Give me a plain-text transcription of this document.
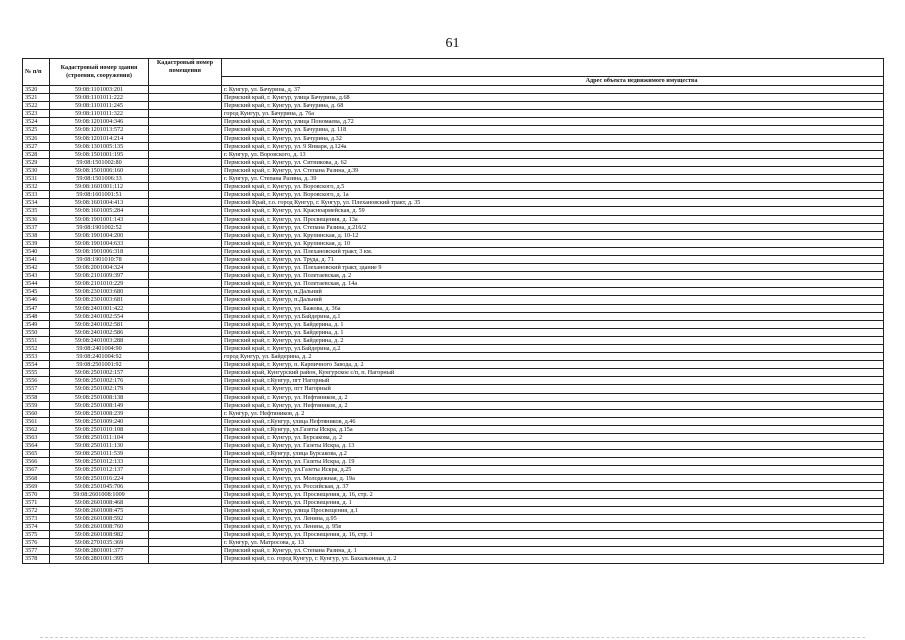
61
№ п/п	Кадастровый номер здания (строения, сооружения)	Кадастровый номер помещения	
			Адрес объекта недвижимого имущества
3520	59:08:1101003:201		г. Кунгур, ул. Бачурина, д. 37
3521	59:08:1101011:222		Пермский край, г. Кунгур, улица Бачурина, д.68
3522	59:08:1101011:245		Пермский край, г. Кунгур, ул. Бачурина, д. 68
3523	59:08:1101011:322		город Кунгур, ул. Бачурина, д. 76а
3524	59:08:1201004:346		Пермский край, г. Кунгур, улица Пономаева, д.72
3525	59:08:1201013:572		Пермский край, г. Кунгур, ул. Бачурина, д. 118
3526	59:08:1201014:214		Пермский край, г. Кунгур, ул. Бачурина, д.32
3527	59:08:1301005:135		Пермский край, г. Кунгур, ул. 9 Января, д.124а
3528	59:08:1501001:195		г. Кунгур, ул. Воровского, д. 13
3529	59:08:1501002:80		Пермский край, г. Кунгур, ул. Ситникова, д. 62
3530	59:08:1501006:160		Пермский край, г. Кунгур, ул. Степана Разина, д.39
3531	59:08:1501006:33		г. Кунгур, ул. Степана Разина, д. 39
3532	59:08:1601001:112		Пермский край, г. Кунгур, ул. Воровского, д.5
3533	59:08:1601001:51		Пермский край, г. Кунгур, ул. Воровского, д. 1а
3534	59:08:1601004:413		Пермский Край, г.о. город Кунгур, г. Кунгур, ул. Плехановский тракт, д. 35
3535	59:08:1601005:284		Пермский край, г. Кунгур, ул. Красноармейская, д. 59
3536	59:08:1901001:143		Пермский край, г. Кунгур, ул. Просвещения, д. 13а
3537	59:08:1901002:52		Пермский край, г. Кунгур, ул. Степана Разина, д.216/2
3538	59:08:1901004:200		Пермский край, г. Кунгур, ул. Крупинская, д. 10-12
3539	59:08:1901004:633		Пермский край, г. Кунгур, ул. Крупинская, д. 10
3540	59:08:1901006:318		Пермский край, г. Кунгур, ул. Плехановский тракт, 3 км.
3541	59:08:1901010:78		Пермский край, г. Кунгур, ул. Труда, д. 71
3542	59:08:2001004:324		Пермский край, г. Кунгур, ул. Плехановский тракт, здание 9
3543	59:08:2101009:397		Пермский край, г. Кунгур, ул. Полетаевская, д. 2
3544	59:08:2101010:229		Пермский край, г. Кунгур, ул. Полетаевская, д. 14а
3545	59:08:2301003:680		Пермский край, г. Кунгур, п.Дальний
3546	59:08:2301003:681		Пермский край, г. Кунгур, п.Дальний
3547	59:08:2401001:422		Пермский край, г. Кунгур, ул. Бажова, д. 36а
3548	59:08:2401002:554		Пермский край, г. Кунгур, ул.Байдерина, д.1
3549	59:08:2401002:581		Пермский край, г. Кунгур, ул. Байдерина, д. 1
3550	59:08:2401002:586		Пермский край, г. Кунгур, ул. Байдерина, д. 1
3551	59:08:2401003:288		Пермский край, г. Кунгур, ул. Байдерина, д. 2
3552	59:08:2401004:90		Пермский край, г. Кунгур, ул.Байдерина, д.2
3553	59:08:2401004:92		город Кунгур, ул. Байдерина, д. 2
3554	59:08:2501001:92		Пермский край, г. Кунгур, п. Карпичного Завода, д. 2
3555	59:08:2501002:157		Пермский край, Кунгурский район, Кунгурское с/п, п. Нагорный
3556	59:08:2501002:176		Пермский край, г.Кунгур, пгт Нагорный
3557	59:08:2501002:179		Пермский край, г. Кунгур, пгт Нагорный
3558	59:08:2501008:138		Пермский край, г. Кунгур, ул. Нефтяников, д. 2
3559	59:08:2501008:149		Пермский край, г. Кунгур, ул. Нефтяников, д. 2
3560	59:08:2501008:239		г. Кунгур, ул. Нефтяников, д. 2
3561	59:08:2501009:240		Пермский край, г.Кунгур, улица Нефтяников, д.46
3562	59:08:2501010:108		Пермский край, г.Кунгур, ул.Газеты Искра, д.15а
3563	59:08:2501011:104		Пермский край, г. Кунгур, ул. Бурсакова, д. 2
3564	59:08:2501011:130		Пермский край, г. Кунгур, ул. Газеты Искра, д. 13
3565	59:08:2501011:539		Пермский край, г.Кунгур, улица Бурсакова, д.2
3566	59:08:2501012:133		Пермский край, г. Кунгур, ул. Газеты Искра, д. 19
3567	59:08:2501012:137		Пермский край, г. Кунгур, ул.Газеты Искра, д.25
3568	59:08:2501016:224		Пермский край, г. Кунгур, ул. Молодежная, д. 19а
3569	59:08:2501045:706		Пермский край, г. Кунгур, ул. Российская, д. 37
3570	59:08:2601008:1009		Пермский край, г. Кунгур, ул. Просвещения, д. 16, стр. 2
3571	59:08:2601008:468		Пермский край, г. Кунгур, ул. Просвещения, д. 1
3572	59:08:2601008:475		Пермский край, г. Кунгур, улица Просвещения, д.1
3573	59:08:2601008:592		Пермский край, г. Кунгур, ул. Ленина, д.95
3574	59:08:2601008:760		Пермский край, г. Кунгур, ул. Ленина, д. 95в
3575	59:08:2601008:982		Пермский край, г. Кунгур, ул. Просвещения, д. 16, стр. 1
3576	59:08:2701035:369		г. Кунгур, ул. Матросова, д. 13
3577	59:08:2801001:377		Пермский край, г. Кунгур, ул. Степана Разина, д. 1
3578	59:08:2801001:395		Пермский край, г.о. город Кунгур, г. Кунгур, ул. Бахальонная, д. 2
